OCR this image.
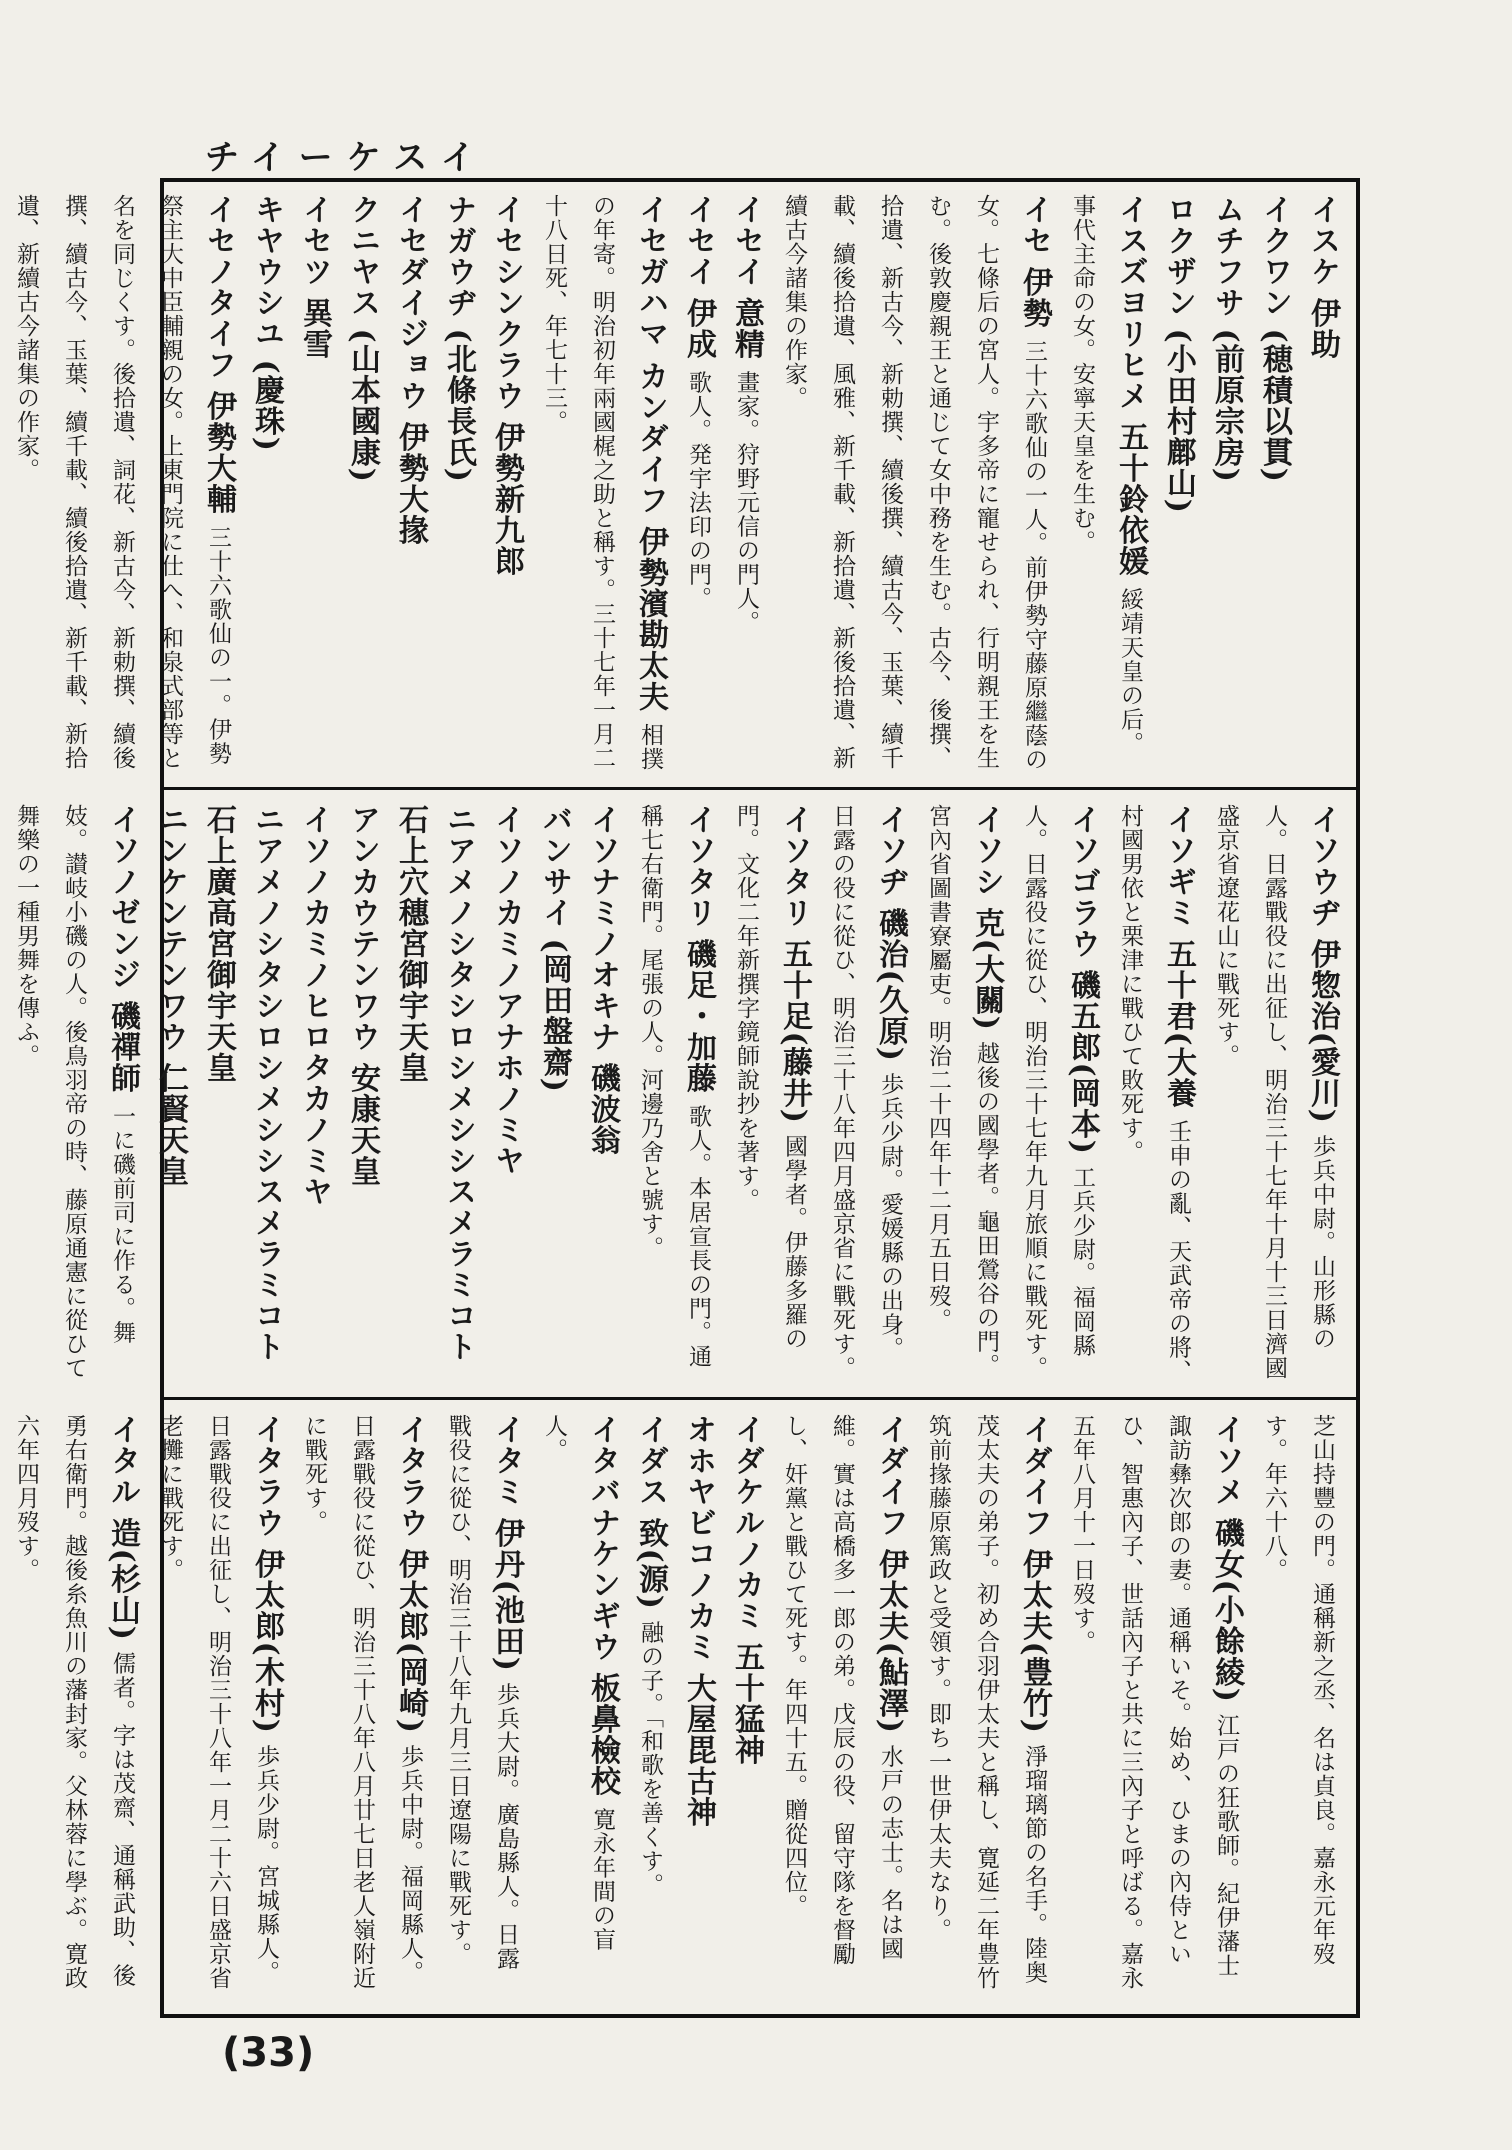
チイーケスイ

イスケ 伊助

イクワン (穂積以貫)

ムチフサ (前原宗房)

ロクザン (小田村鄜山)

イスズヨリヒメ 五十鈴依媛 綏靖天皇の后。事代主命の女。安寧天皇を生む。

イセ 伊勢 三十六歌仙の一人。前伊勢守藤原繼蔭の女。七條后の宮人。宇多帝に寵せられ、行明親王を生む。後敦慶親王と通じて女中務を生む。古今、後撰、拾遺、新古今、新勅撰、續後撰、續古今、玉葉、續千載、續後拾遺、風雅、新千載、新拾遺、新後拾遺、新續古今諸集の作家。

イセイ 意精 畫家。狩野元信の門人。

イセイ 伊成 歌人。発宇法印の門。

イセガハマ カンダイフ 伊勢濱勘太夫 相撲の年寄。明治初年兩國梶之助と稱す。三十七年一月二十八日死、年七十三。

イセシンクラウ 伊勢新九郎

ナガウヂ (北條長氏)

イセダイジョウ 伊勢大掾

クニヤス (山本國康)

イセツ 異雪

キヤウシユ (慶珠)

イセノタイフ 伊勢大輔 三十六歌仙の一。伊勢祭主大中臣輔親の女。上東門院に仕へ、和泉式部等と名を同じくす。後拾遺、詞花、新古今、新勅撰、續後撰、續古今、玉葉、續千載、續後拾遺、新千載、新拾遺、新續古今諸集の作家。

イソウヂ 伊惣治(愛川) 歩兵中尉。山形縣の人。日露戰役に出征し、明治三十七年十月十三日濟國盛京省遼花山に戰死す。

イソギミ 五十君(大養 壬申の亂、天武帝の將、村國男依と栗津に戰ひて敗死す。

イソゴラウ 磯五郎(岡本) 工兵少尉。福岡縣人。日露役に從ひ、明治三十七年九月旅順に戰死す。

イソシ 克(大關) 越後の國學者。龜田鶯谷の門。宮內省圖書寮屬吏。明治二十四年十二月五日歿。

イソヂ 磯治(久原) 歩兵少尉。愛媛縣の出身。日露の役に從ひ、明治三十八年四月盛京省に戰死す。

イソタリ 五十足(藤井) 國學者。伊藤多羅の門。文化二年新撰字鏡師說抄を著す。

イソタリ 磯足・加藤 歌人。本居宣長の門。通稱七右衛門。尾張の人。河邊乃舍と號す。

イソナミノオキナ 磯波翁

バンサイ (岡田盤齋)

イソノカミノアナホノミヤ

ニアメノシタシロシメシシスメラミコト 石上穴穗宮御宇天皇

アンカウテンワウ 安康天皇

イソノカミノヒロタカノミヤ

ニアメノシタシロシメシシスメラミコト 石上廣高宮御宇天皇

ニンケンテンワウ 仁賢天皇

イソノゼンジ 磯禪師 一に磯前司に作る。舞妓。讃岐小磯の人。後鳥羽帝の時、藤原通憲に從ひて舞樂の一種男舞を傳ふ。

芝山持豐の門。通稱新之丞、名は貞良。嘉永元年歿す。年六十八。

イソメ 磯女(小餘綾) 江戸の狂歌師。紀伊藩士諏訪彝次郎の妻。通稱いそ。始め、ひまの內侍といひ、智惠內子、世話內子と共に三內子と呼ばる。嘉永五年八月十一日歿す。

イダイフ 伊太夫(豊竹) 淨瑠璃節の名手。陸奥茂太夫の弟子。初め合羽伊太夫と稱し、寛延二年豊竹筑前掾藤原篤政と受領す。即ち一世伊太夫なり。

イダイフ 伊太夫(鮎澤) 水戸の志士。名は國維。實は高橋多一郎の弟。戊辰の役、留守隊を督勵し、奸黨と戰ひて死す。年四十五。贈從四位。

イダケルノカミ 五十猛神

オホヤビコノカミ 大屋毘古神

イダス 致(源) 融の子。「和歌を善くす。

イタバナケンギウ 板鼻檢校 寛永年間の盲人。

イタミ 伊丹(池田) 歩兵大尉。廣島縣人。日露戰役に從ひ、明治三十八年九月三日遼陽に戰死す。

イタラウ 伊太郎(岡崎) 歩兵中尉。福岡縣人。日露戰役に從ひ、明治三十八年八月廿七日老人嶺附近に戰死す。

イタラウ 伊太郎(木村) 歩兵少尉。宮城縣人。日露戰役に出征し、明治三十八年一月二十六日盛京省老攤に戰死す。

イタル 造(杉山) 儒者。字は茂齋、通稱武助、後勇右衛門。越後糸魚川の藩封家。父林蓉に學ぶ。寛政六年四月歿す。

(33)
